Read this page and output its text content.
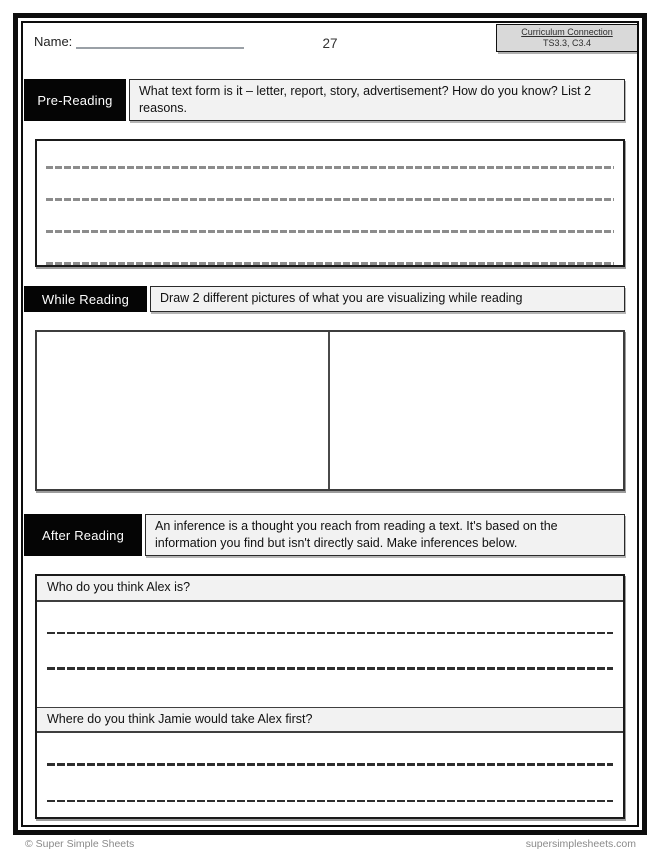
Name:	27
Curriculum Connection
TS3.3, C3.4
Pre-Reading
What text form is it – letter, report, story, advertisement? How do you know? List 2 reasons.
While Reading	Draw 2 different pictures of what you are visualizing while reading
After Reading
An inference is a thought you reach from reading a text. It's based on the information you find but isn't directly said. Make inferences below.
Who do you think Alex is?
Where do you think Jamie would take Alex first?
© Super Simple Sheets	supersimplesheets.com
